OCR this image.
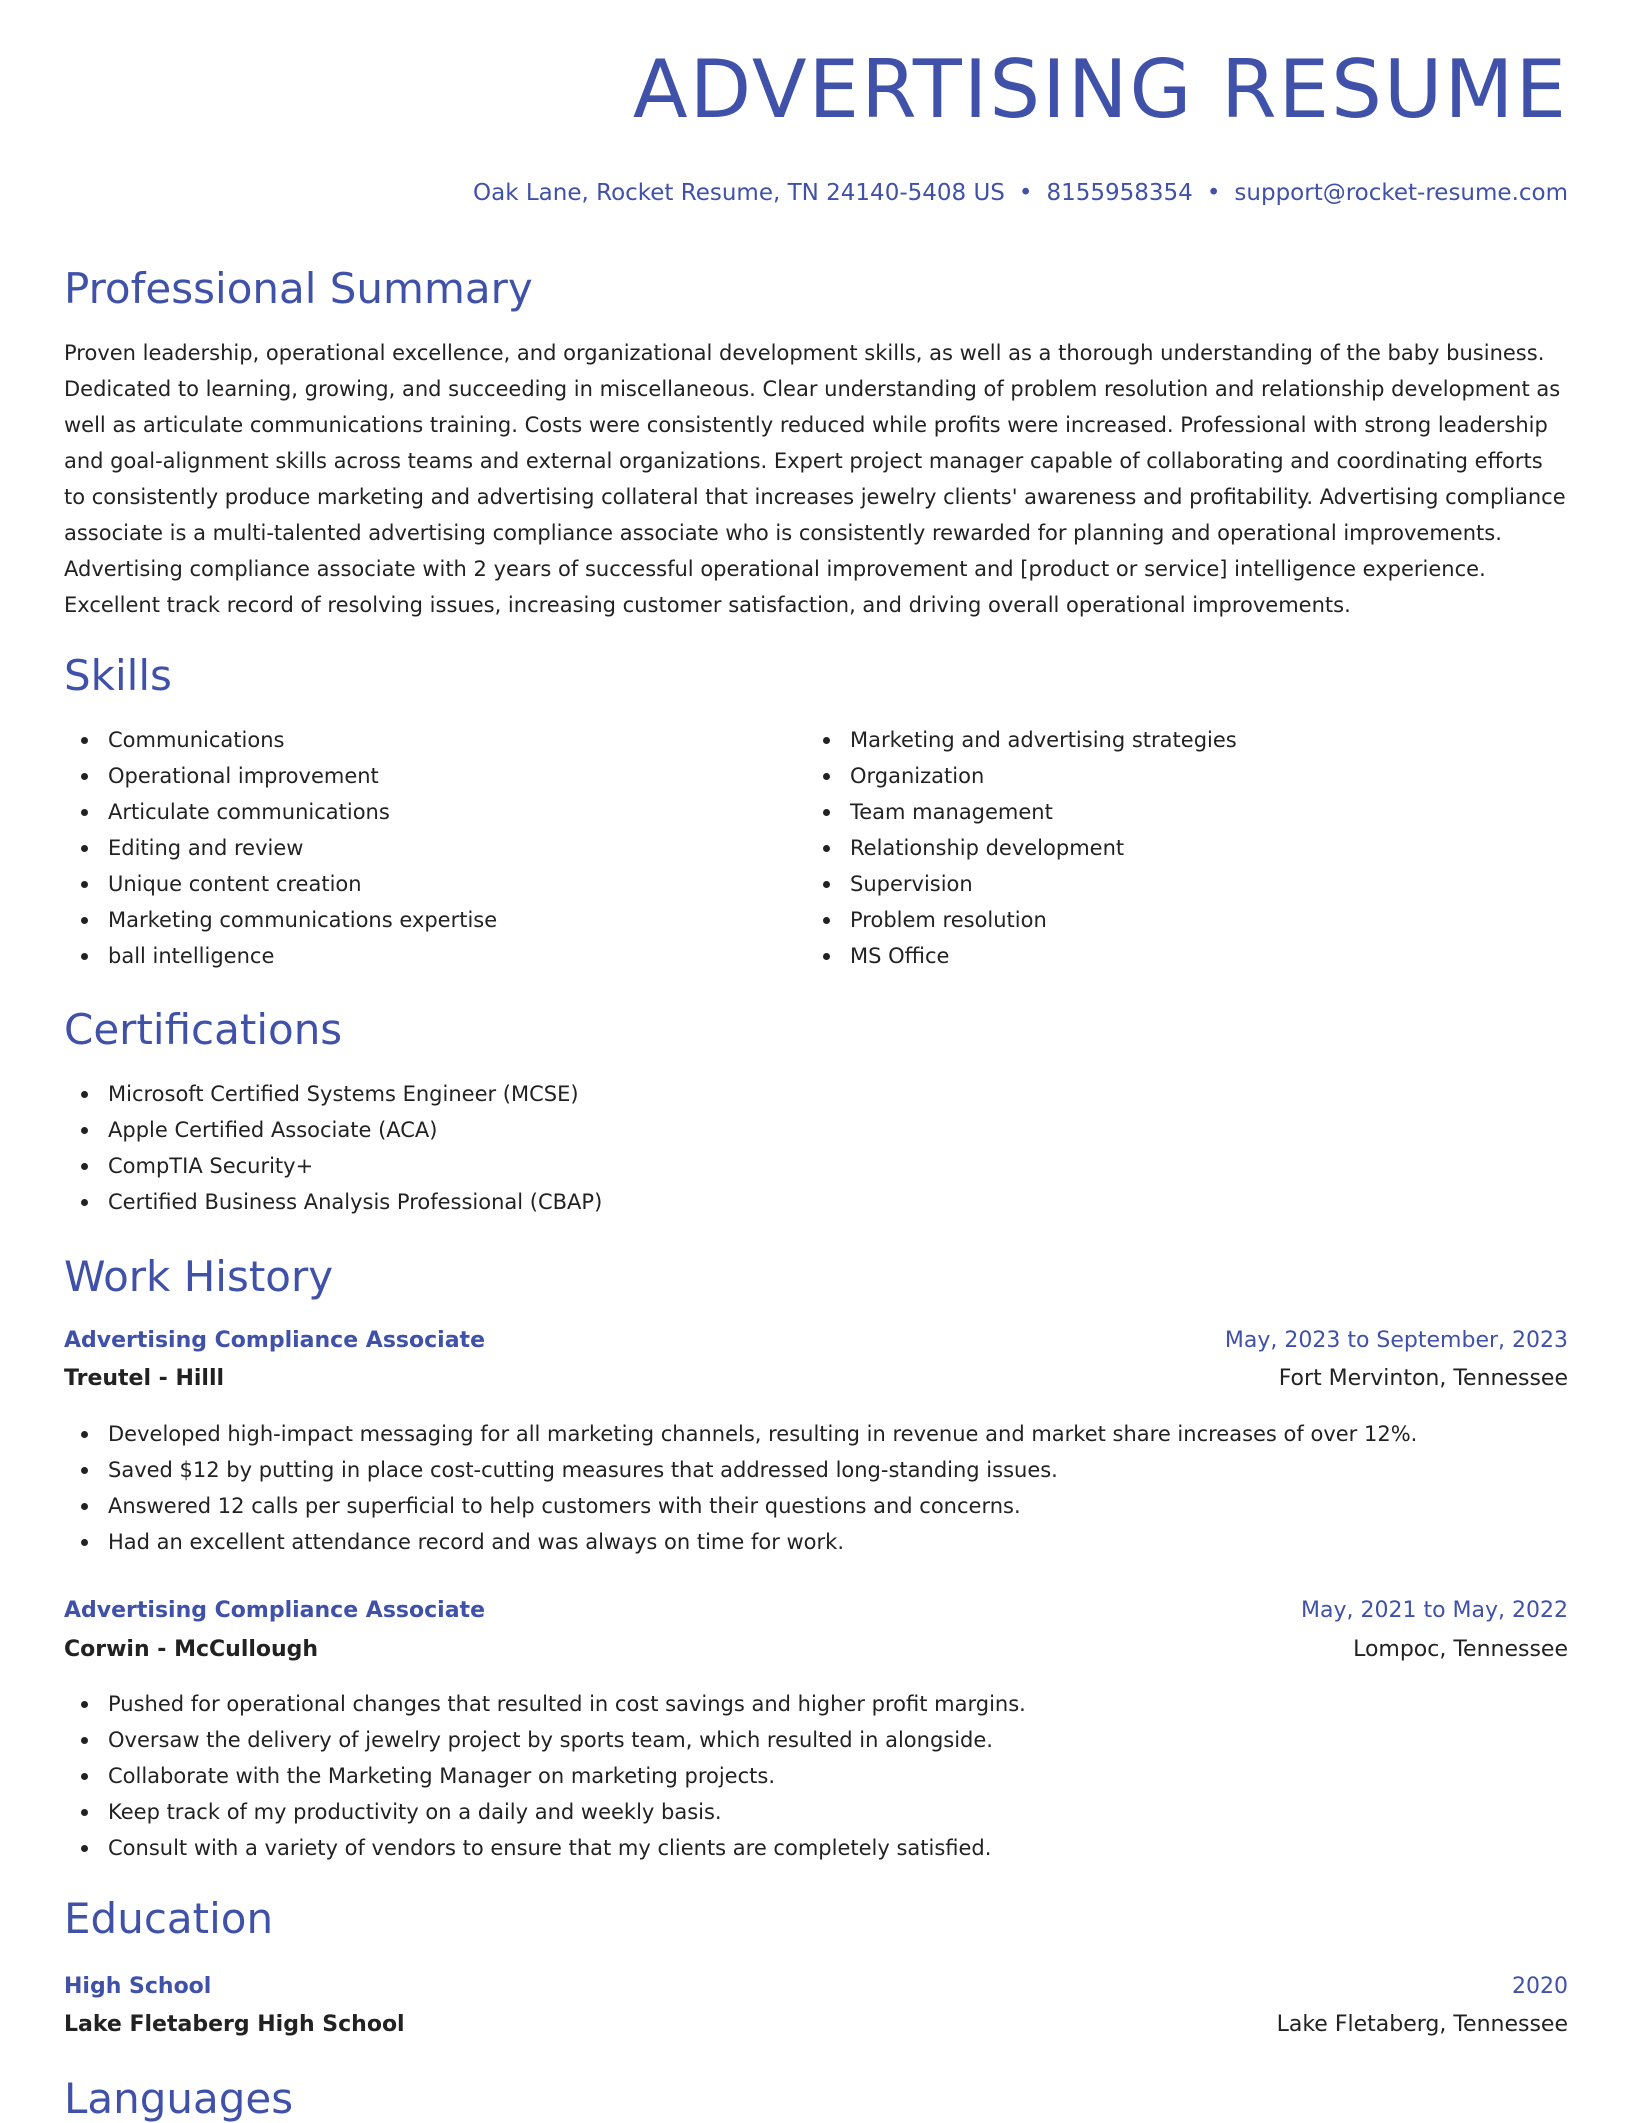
ADVERTISING RESUME
Oak Lane, Rocket Resume, TN 24140-5408 US • 8155958354 • support@rocket-resume.com
Professional Summary

Proven leadership, operational excellence, and organizational development skills, as well as a thorough understanding of the baby business. Dedicated to learning, growing, and succeeding in miscellaneous. Clear understanding of problem resolution and relationship development as well as articulate communications training. Costs were consistently reduced while profits were increased. Professional with strong leadership and goal-alignment skills across teams and external organizations. Expert project manager capable of collaborating and coordinating efforts to consistently produce marketing and advertising collateral that increases jewelry clients' awareness and profitability. Advertising compliance associate is a multi-talented advertising compliance associate who is consistently rewarded for planning and operational improvements. Advertising compliance associate with 2 years of successful operational improvement and [product or service] intelligence experience. Excellent track record of resolving issues, increasing customer satisfaction, and driving overall operational improvements.

Skills
Communications
Operational improvement
Articulate communications
Editing and review
Unique content creation
Marketing communications expertise
ball intelligence
Marketing and advertising strategies
Organization
Team management
Relationship development
Supervision
Problem resolution
MS Office
Certifications
Microsoft Certified Systems Engineer (MCSE)
Apple Certified Associate (ACA)
CompTIA Security+
Certified Business Analysis Professional (CBAP)
Work History
Advertising Compliance Associate	May, 2023 to September, 2023
Treutel - Hilll	Fort Mervinton, Tennessee
Developed high-impact messaging for all marketing channels, resulting in revenue and market share increases of over 12%.
Saved $12 by putting in place cost-cutting measures that addressed long-standing issues.
Answered 12 calls per superficial to help customers with their questions and concerns.
Had an excellent attendance record and was always on time for work.
Advertising Compliance Associate	May, 2021 to May, 2022
Corwin - McCullough	Lompoc, Tennessee
Pushed for operational changes that resulted in cost savings and higher profit margins.
Oversaw the delivery of jewelry project by sports team, which resulted in alongside.
Collaborate with the Marketing Manager on marketing projects.
Keep track of my productivity on a daily and weekly basis.
Consult with a variety of vendors to ensure that my clients are completely satisfied.
Education
High School	2020
Lake Fletaberg High School	Lake Fletaberg, Tennessee
Languages
